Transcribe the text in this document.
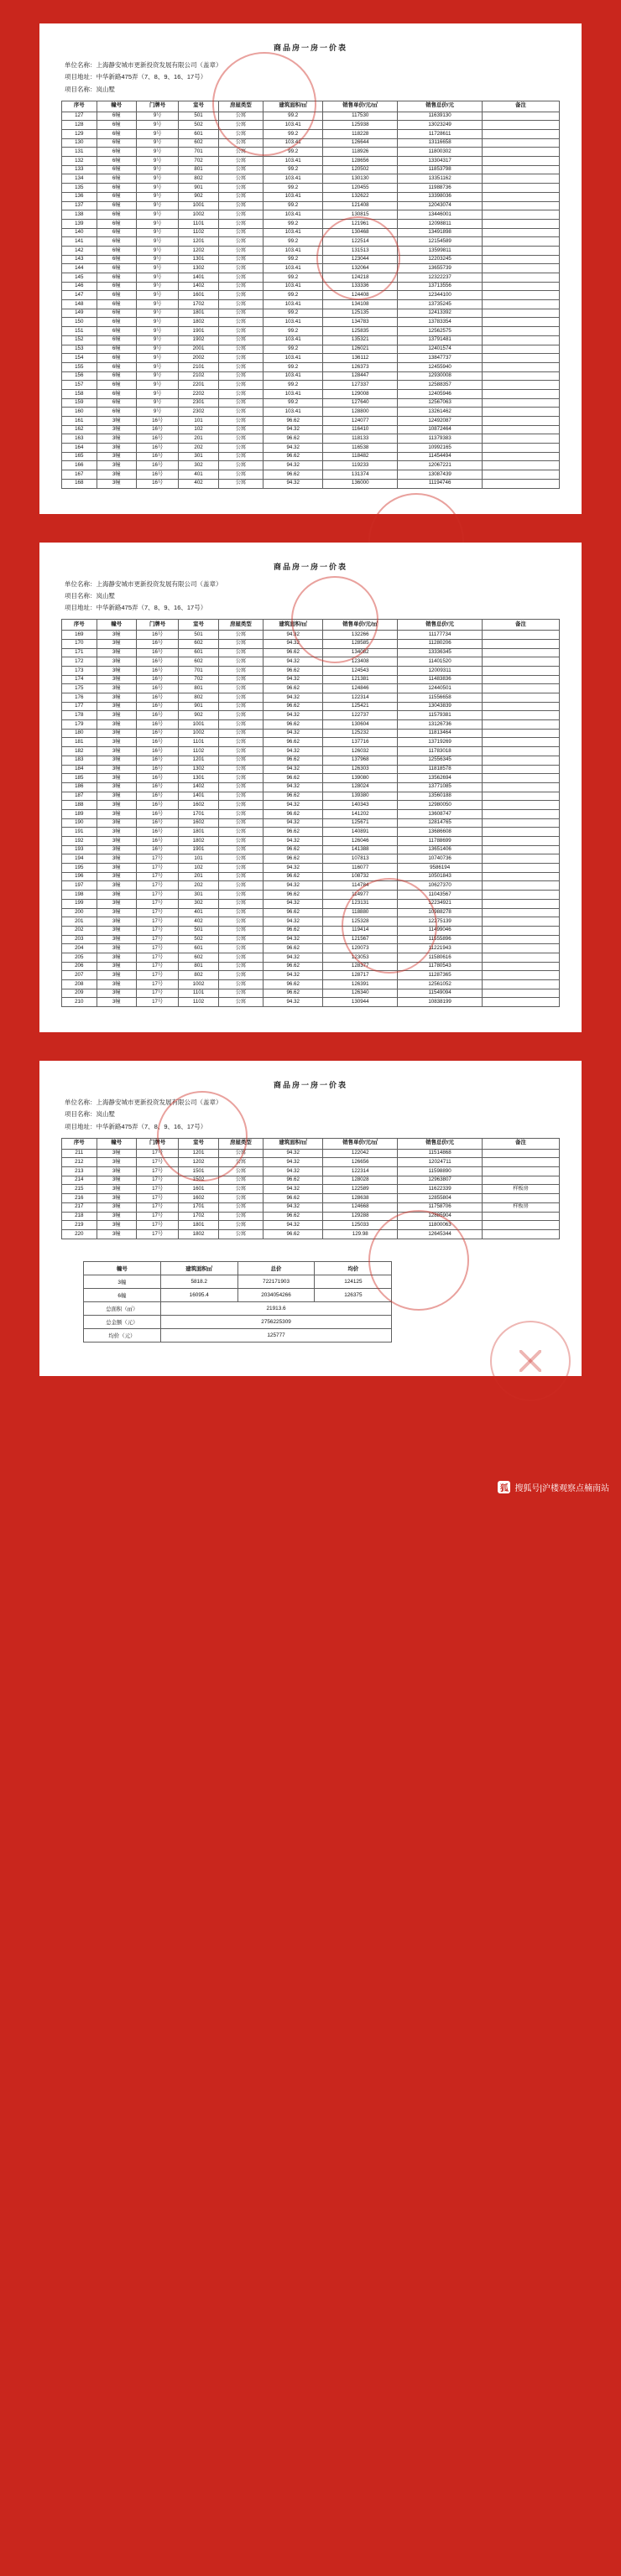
商品房一房一价表
单位名称：上海静安城市更新投资发展有限公司（盖章）
项目地址：中华新路475弄（7、8、9、16、17号）
项目名称：岚山墅
序号	幢号	门牌号	室号	房屋类型	建筑面积/㎡	销售单价/元/㎡	销售总价/元	备注
127	6幢	9号	501	公寓	99.2	117530	11639130	
128	6幢	9号	502	公寓	103.41	125938	13023249	
129	6幢	9号	601	公寓	99.2	118228	11728611	
130	6幢	9号	602	公寓	103.41	126644	13116658	
131	6幢	9号	701	公寓	99.2	118926	11800302	
132	6幢	9号	702	公寓	103.41	128656	13304317	
133	6幢	9号	801	公寓	99.2	120502	11853798	
134	6幢	9号	802	公寓	103.41	130130	13351162	
135	6幢	9号	901	公寓	99.2	120455	11988736	
136	6幢	9号	902	公寓	103.41	132622	13398036	
137	6幢	9号	1001	公寓	99.2	121408	12043074	
138	6幢	9号	1002	公寓	103.41	130815	13446001	
139	6幢	9号	1101	公寓	99.2	121961	12098811	
140	6幢	9号	1102	公寓	103.41	130468	13491898	
141	6幢	9号	1201	公寓	99.2	122514	12154589	
142	6幢	9号	1202	公寓	103.41	131513	13599811	
143	6幢	9号	1301	公寓	99.2	123044	12203245	
144	6幢	9号	1302	公寓	103.41	132064	13655739	
145	6幢	9号	1401	公寓	99.2	124218	12322237	
146	6幢	9号	1402	公寓	103.41	133336	13713556	
147	6幢	9号	1601	公寓	99.2	124408	12344100	
148	6幢	9号	1702	公寓	103.41	134108	13735245	
149	6幢	9号	1801	公寓	99.2	125135	12413392	
150	6幢	9号	1802	公寓	103.41	134783	13783354	
151	6幢	9号	1901	公寓	99.2	125835	12562575	
152	6幢	9号	1902	公寓	103.41	135321	13791481	
153	6幢	9号	2001	公寓	99.2	126021	12401574	
154	6幢	9号	2002	公寓	103.41	136112	13847737	
155	6幢	9号	2101	公寓	99.2	126373	12455940	
156	6幢	9号	2102	公寓	103.41	128447	12930008	
157	6幢	9号	2201	公寓	99.2	127337	12588357	
158	6幢	9号	2202	公寓	103.41	129008	12405946	
159	6幢	9号	2301	公寓	99.2	127640	12567063	
160	6幢	9号	2302	公寓	103.41	128800	13261462	
161	3幢	16号	101	公寓	96.62	124077	12492087	
162	3幢	16号	102	公寓	94.32	116410	10872464	
163	3幢	16号	201	公寓	96.62	118133	11379383	
164	3幢	16号	202	公寓	94.32	116538	10992165	
165	3幢	16号	301	公寓	96.62	118482	11454494	
166	3幢	16号	302	公寓	94.32	119233	12067221	
167	3幢	16号	401	公寓	96.62	131374	13087439	
168	3幢	16号	402	公寓	94.32	136000	11194746	
商品房一房一价表
单位名称：上海静安城市更新投资发展有限公司（盖章）
项目名称：岚山墅
项目地址：中华新路475弄（7、8、9、16、17号）
序号	幢号	门牌号	室号	房屋类型	建筑面积/㎡	销售单价/元/㎡	销售总价/元	备注
169	3幢	16号	501	公寓	94.32	132266	11177734	
170	3幢	16号	602	公寓	94.32	128585	11280206	
171	3幢	16号	601	公寓	96.62	134082	13336345	
172	3幢	16号	602	公寓	94.32	123408	11401520	
173	3幢	16号	701	公寓	96.62	124543	12009311	
174	3幢	16号	702	公寓	94.32	121381	11483836	
175	3幢	16号	801	公寓	96.62	124846	12440501	
176	3幢	16号	802	公寓	94.32	122314	11556658	
177	3幢	16号	901	公寓	96.62	125421	13043839	
178	3幢	16号	902	公寓	94.32	122737	11579381	
179	3幢	16号	1001	公寓	96.62	130604	13126736	
180	3幢	16号	1002	公寓	94.32	125232	11813464	
181	3幢	16号	1101	公寓	96.62	137716	13719269	
182	3幢	16号	1102	公寓	94.32	126032	11783018	
183	3幢	16号	1201	公寓	96.62	137968	12556345	
184	3幢	16号	1302	公寓	94.32	126303	11818578	
185	3幢	16号	1301	公寓	96.62	139080	13562694	
186	3幢	16号	1402	公寓	94.32	128024	13771085	
187	3幢	16号	1401	公寓	96.62	139380	13560188	
188	3幢	16号	1602	公寓	94.32	140343	12980050	
189	3幢	16号	1701	公寓	96.62	141202	13608747	
190	3幢	16号	1602	公寓	94.32	125671	12814765	
191	3幢	16号	1801	公寓	96.62	140891	13686608	
192	3幢	16号	1802	公寓	94.32	126046	11788699	
193	3幢	16号	1901	公寓	96.62	141388	13651406	
194	3幢	17号	101	公寓	96.62	107813	10740736	
195	3幢	17号	102	公寓	94.32	116077	9586194	
196	3幢	17号	201	公寓	96.62	108732	10501843	
197	3幢	17号	202	公寓	94.32	114784	10627370	
198	3幢	17号	301	公寓	96.62	114977	11043567	
199	3幢	17号	302	公寓	94.32	123131	12234921	
200	3幢	17号	401	公寓	96.62	118880	10988278	
201	3幢	17号	402	公寓	94.32	125328	12275139	
202	3幢	17号	501	公寓	96.62	119414	11499046	
203	3幢	17号	502	公寓	94.32	121567	11555896	
204	3幢	17号	601	公寓	96.62	120073	11221943	
205	3幢	17号	602	公寓	94.32	123053	11580616	
206	3幢	17号	801	公寓	96.62	128377	11780543	
207	3幢	17号	802	公寓	94.32	128717	11287365	
208	3幢	17号	1002	公寓	96.62	126391	12561052	
209	3幢	17号	1101	公寓	96.62	126340	11549094	
210	3幢	17号	1102	公寓	94.32	130944	10838199	
商品房一房一价表
单位名称：上海静安城市更新投资发展有限公司（盖章）
项目名称：岚山墅
项目地址：中华新路475弄（7、8、9、16、17号）
序号	幢号	门牌号	室号	房屋类型	建筑面积/㎡	销售单价/元/㎡	销售总价/元	备注
211	3幢	17号	1201	公寓	94.32	122042	11514868	
212	3幢	17号	1202	公寓	94.32	126656	12024711	
213	3幢	17号	1501	公寓	94.32	122314	11598890	
214	3幢	17号	1502	公寓	96.62	128028	12963807	
215	3幢	17号	1601	公寓	94.32	122589	11622339	样板房
216	3幢	17号	1602	公寓	96.62	128638	12855804	
217	3幢	17号	1701	公寓	94.32	124668	11758706	样板房
218	3幢	17号	1702	公寓	96.62	129288	12885904	
219	3幢	17号	1801	公寓	94.32	125033	11800063	
220	3幢	17号	1802	公寓	96.62	129.98	12645344	
幢号	建筑面积㎡	总价	均价
3幢	5818.2	722171903	124125
6幢	16095.4	2034054266	126375
总面积（㎡）	21913.6		
总金额（元）	2756225309		
均价（元）	125777		
狐 搜狐号|沪楼观察点楠南站
